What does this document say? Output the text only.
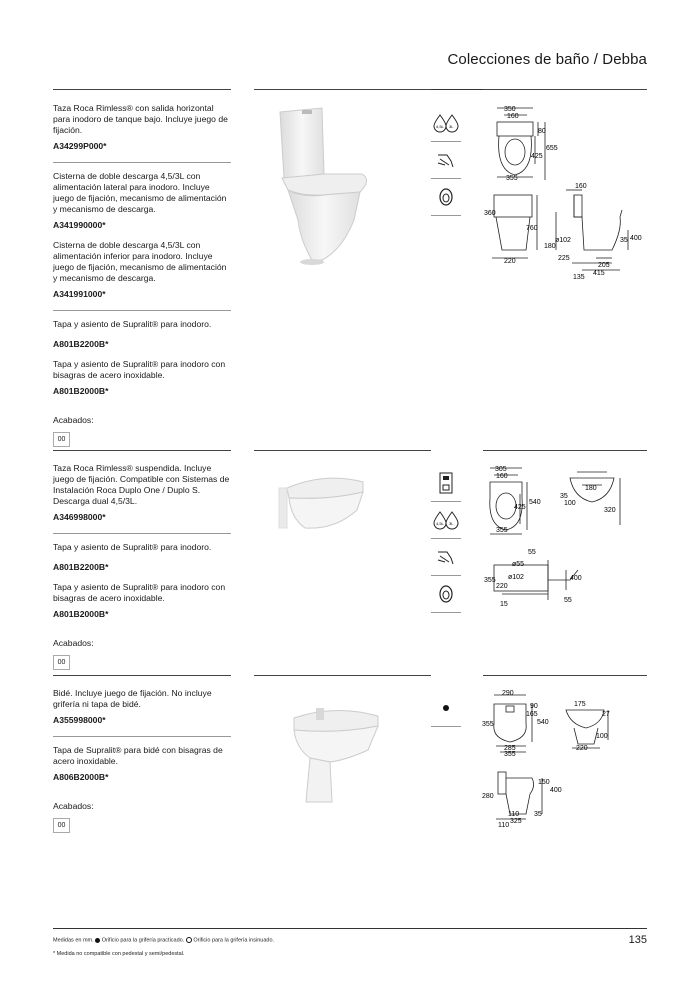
Colecciones de baño / Debba

Taza Roca Rimless® con salida horizontal para inodoro de tanque bajo. Incluye juego de fijación.

A34299P000*

Cisterna de doble descarga 4,5/3L con alimentación lateral para inodoro. Incluye juego de fijación, mecanismo de alimentación y mecanismo de descarga.

A341990000*

Cisterna de doble descarga 4,5/3L con alimentación inferior para inodoro. Incluye juego de fijación, mecanismo de alimentación y mecanismo de descarga.

A341991000*

Tapa y asiento de Supralit® para inodoro.

A801B2200B*

Tapa y asiento de Supralit® para inodoro con bisagras de acero inoxidable.

A801B2000B*
Acabados:
00
4,5L 3L
350
160
80
655
425
355
160
360
760
ø102
180
35 400
225
205
415
135
220

Taza Roca Rimless® suspendida. Incluye juego de fijación. Compatible con Sistemas de Instalación Roca Duplo One / Duplo S. Descarga dual 4,5/3L.

A346998000*

Tapa y asiento de Supralit® para inodoro.

A801B2200B*

Tapa y asiento de Supralit® para inodoro con bisagras de acero inoxidable.

A801B2000B*
Acabados:
00
4,5L 3L
305
160
540
425
355
180
35
100
320
55
ø55
ø102
355
220
400
15
55

Bidé. Incluye juego de fijación. No incluye grifería ni tapa de bidé.

A355998000*

Tapa de Supralit® para bidé con bisagras de acero inoxidable.

A806B2000B*
Acabados:
00
290
90
165
540
355
285
355
175
27
100
220
150
400
280
110
325
35
110
Medidas en mm. Orificio para la grifería practicado. Orificio para la grifería insinuado.
* Medida no compatible con pedestal y semi/pedestal.
135
